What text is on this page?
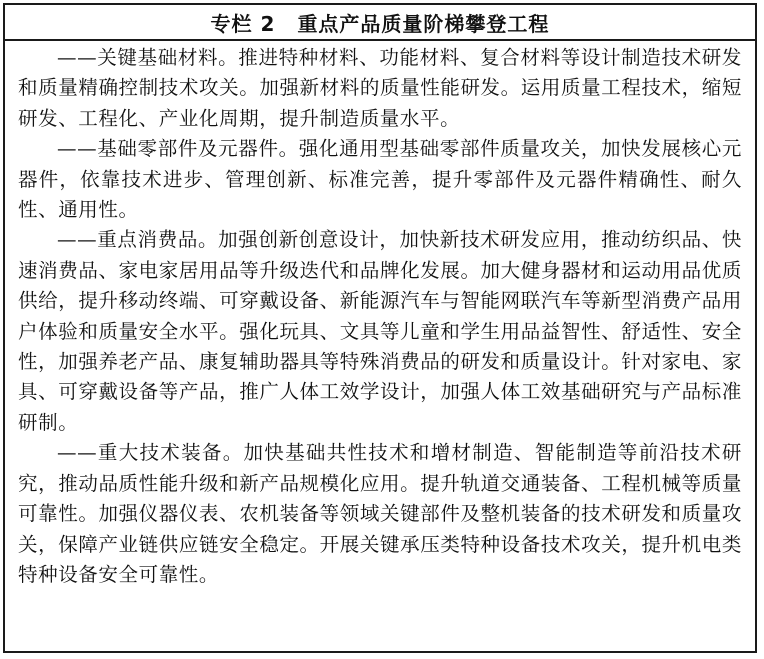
专栏 2 重点产品质量阶梯攀登工程

——关键基础材料。推进特种材料、功能材料、复合材料等设计制造技术研发和质量精确控制技术攻关。加强新材料的质量性能研发。运用质量工程技术，缩短研发、工程化、产业化周期，提升制造质量水平。

——基础零部件及元器件。强化通用型基础零部件质量攻关，加快发展核心元器件，依靠技术进步、管理创新、标准完善，提升零部件及元器件精确性、耐久性、通用性。

——重点消费品。加强创新创意设计，加快新技术研发应用，推动纺织品、快速消费品、家电家居用品等升级迭代和品牌化发展。加大健身器材和运动用品优质供给，提升移动终端、可穿戴设备、新能源汽车与智能网联汽车等新型消费产品用户体验和质量安全水平。强化玩具、文具等儿童和学生用品益智性、舒适性、安全性，加强养老产品、康复辅助器具等特殊消费品的研发和质量设计。针对家电、家具、可穿戴设备等产品，推广人体工效学设计，加强人体工效基础研究与产品标准研制。

——重大技术装备。加快基础共性技术和增材制造、智能制造等前沿技术研究，推动品质性能升级和新产品规模化应用。提升轨道交通装备、工程机械等质量可靠性。加强仪器仪表、农机装备等领域关键部件及整机装备的技术研发和质量攻关，保障产业链供应链安全稳定。开展关键承压类特种设备技术攻关，提升机电类特种设备安全可靠性。
